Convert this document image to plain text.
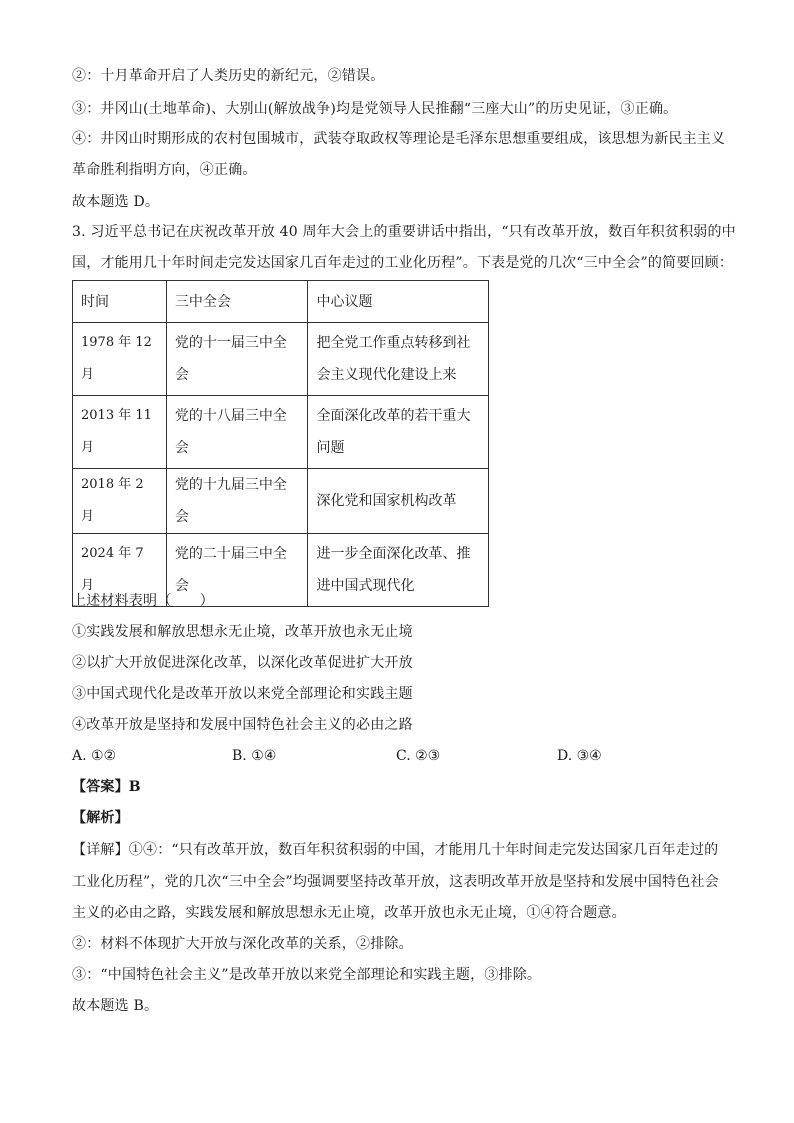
②：十月革命开启了人类历史的新纪元，②错误。
③：井冈山(土地革命)、大别山(解放战争)均是党领导人民推翻“三座大山”的历史见证，③正确。
④：井冈山时期形成的农村包围城市，武装夺取政权等理论是毛泽东思想重要组成，该思想为新民主主义
革命胜利指明方向，④正确。
故本题选 D。
3. 习近平总书记在庆祝改革开放 40 周年大会上的重要讲话中指出，“只有改革开放，数百年积贫积弱的中
国，才能用几十年时间走完发达国家几百年走过的工业化历程”。下表是党的几次“三中全会”的简要回顾：
时间	三中全会	中心议题
1978 年 12 月	党的十一届三中全会	把全党工作重点转移到社会主义现代化建设上来
2013 年 11 月	党的十八届三中全会	全面深化改革的若干重大问题
2018 年 2 月	党的十九届三中全会	深化党和国家机构改革
2024 年 7 月	党的二十届三中全会	进一步全面深化改革、推进中国式现代化
上述材料表明（　　）
①实践发展和解放思想永无止境，改革开放也永无止境
②以扩大开放促进深化改革，以深化改革促进扩大开放
③中国式现代化是改革开放以来党全部理论和实践主题
④改革开放是坚持和发展中国特色社会主义的必由之路
A. ①②	B. ①④	C. ②③	D. ③④
【答案】B
【解析】
【详解】①④：“只有改革开放，数百年积贫积弱的中国，才能用几十年时间走完发达国家几百年走过的
工业化历程”，党的几次“三中全会”均强调要坚持改革开放，这表明改革开放是坚持和发展中国特色社会
主义的必由之路，实践发展和解放思想永无止境，改革开放也永无止境，①④符合题意。
②：材料不体现扩大开放与深化改革的关系，②排除。
③：“中国特色社会主义”是改革开放以来党全部理论和实践主题，③排除。
故本题选 B。
